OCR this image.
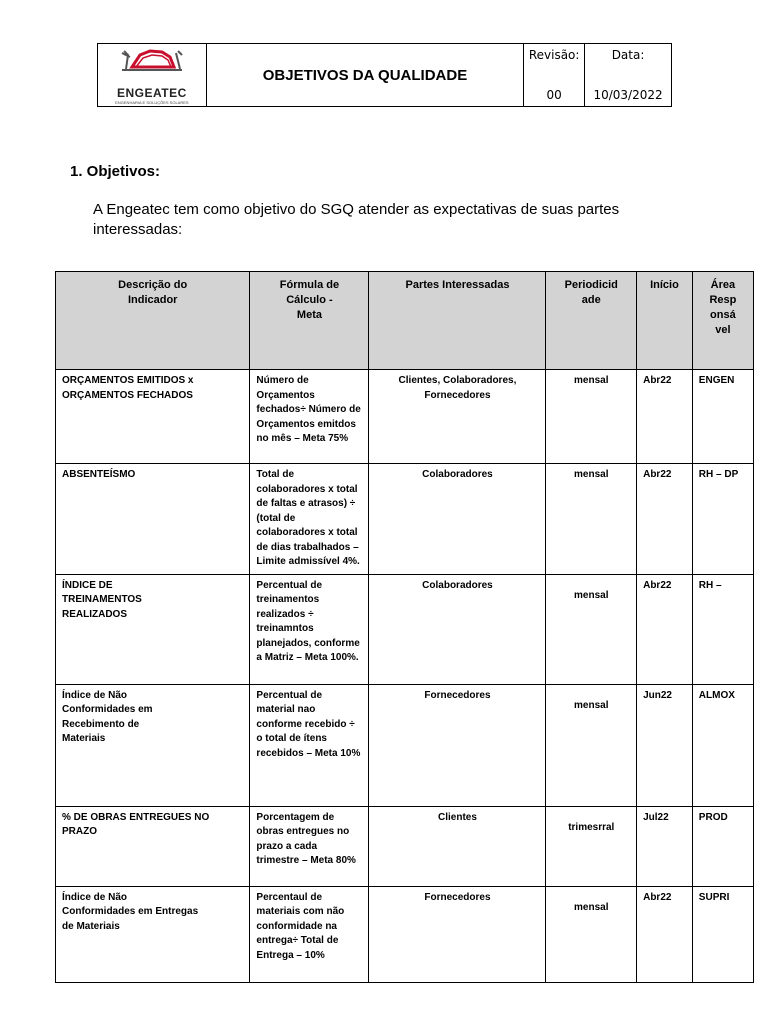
ENGEATEC
ENGENHARIA E SOLUÇÕES SOLARES
	OBJETIVOS DA QUALIDADE	
Revisão:
00

Data:
10/03/2022
1. Objetivos:
A Engeatec tem como objetivo do SGQ atender as expectativas de suas partes interessadas:
Descrição do Indicador	Fórmula de Cálculo - Meta	Partes Interessadas	Periodicidade	Início	Área Responsável
ORÇAMENTOS EMITIDOS x ORÇAMENTOS FECHADOS	Número de Orçamentos fechados÷ Número de Orçamentos emitdos no mês – Meta 75%	Clientes, Colaboradores, Fornecedores	mensal	Abr22	ENGEN
ABSENTEÍSMO	Total de colaboradores x total de faltas e atrasos) ÷ (total de colaboradores x total de dias trabalhados – Limite admissível 4%.	Colaboradores	mensal	Abr22	RH – DP
ÍNDICE DE TREINAMENTOS REALIZADOS	Percentual de treinamentos realizados ÷ treinamntos planejados, conforme a Matriz – Meta 100%.	Colaboradores	mensal	Abr22	RH –
Índice de Não Conformidades em Recebimento de Materiais	Percentual de material nao conforme recebido ÷ o total de ítens recebidos – Meta 10%	Fornecedores	mensal	Jun22	ALMOX
% DE OBRAS ENTREGUES NO PRAZO	Porcentagem de obras entregues no prazo a cada trimestre – Meta 80%	Clientes	trimesrral	Jul22	PROD
Índice de Não Conformidades em Entregas de Materiais	Percentaul de materiais com não conformidade na entrega÷ Total de Entrega – 10%	Fornecedores	mensal	Abr22	SUPRI
